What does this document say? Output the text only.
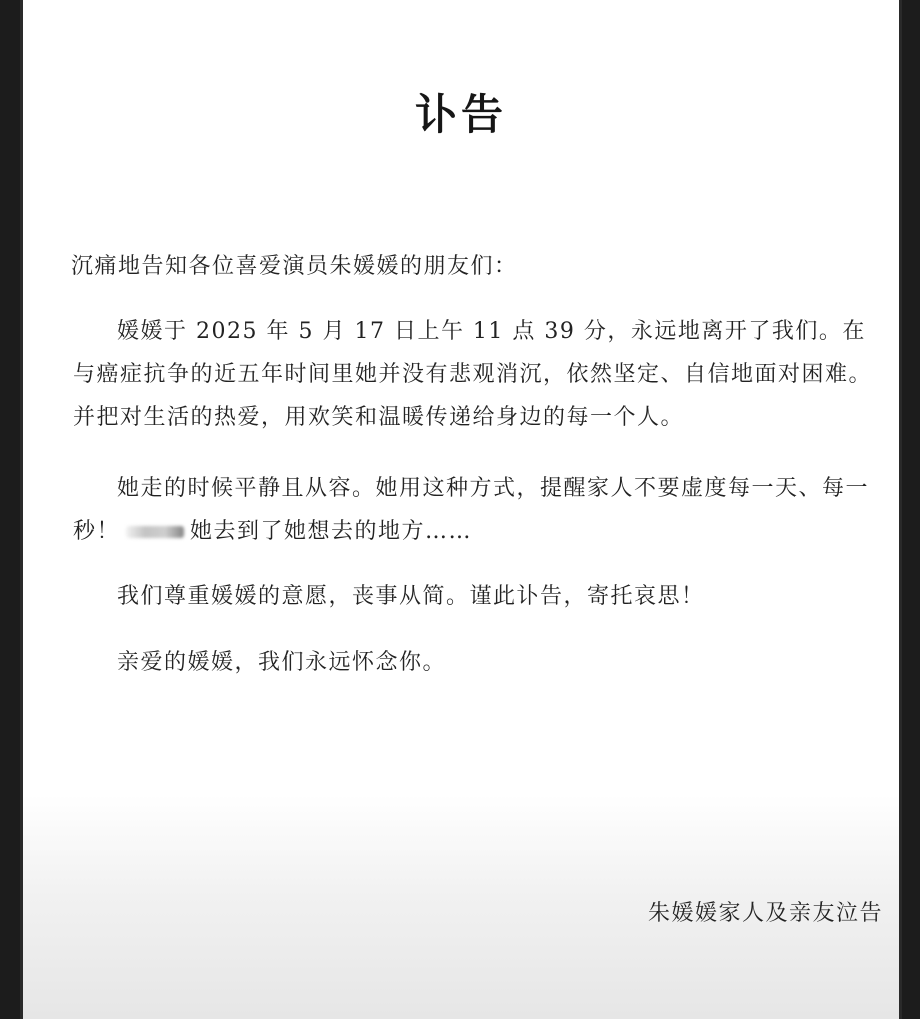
讣告
沉痛地告知各位喜爱演员朱媛媛的朋友们：
媛媛于 2025 年 5 月 17 日上午 11 点 39 分，永远地离开了我们。在与癌症抗争的近五年时间里她并没有悲观消沉，依然坚定、自信地面对困难。并把对生活的热爱，用欢笑和温暖传递给身边的每一个人。
她走的时候平静且从容。她用这种方式，提醒家人不要虚度每一天、每一秒！	她去到了她想去的地方……
我们尊重媛媛的意愿，丧事从简。谨此讣告，寄托哀思！
亲爱的媛媛，我们永远怀念你。
朱媛媛家人及亲友泣告
